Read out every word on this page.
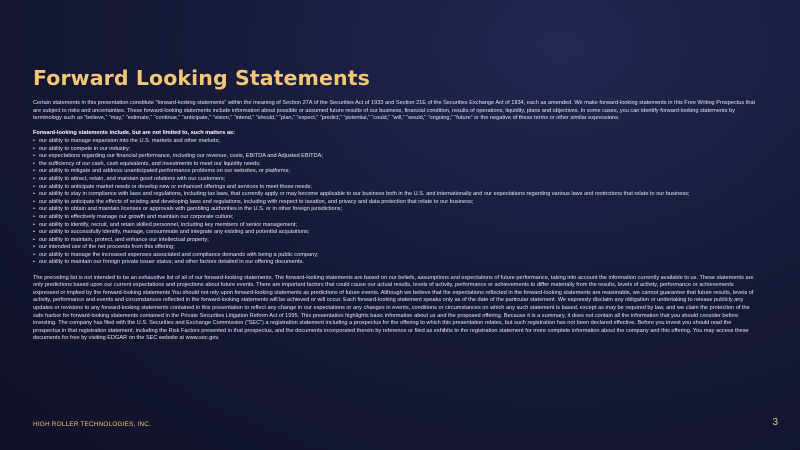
Forward Looking Statements

Certain statements in this presentation constitute “forward-looking statements” within the meaning of Section 27A of the Securities Act of 1933 and Section 21E of the Securities Exchange Act of 1934, each as amended. We make forward-looking statements in this Free Writing Prospectus that are subject to risks and uncertainties. These forward-looking statements include information about possible or assumed future results of our business, financial condition, results of operations, liquidity, plans and objectives. In some cases, you can identify forward-looking statements by terminology such as “believe,” “may,” “estimate,” “continue,” “anticipate,” “vision,” “intend,” “should,” “plan,” “expect,” “predict,” “potential,” “could,” “will,” “would,” “ongoing,” “future” or the negative of these terms or other similar expressions.

Forward-looking statements include, but are not limited to, such matters as:

• our ability to manage expansion into the U.S. markets and other markets;
• our ability to compete in our industry;
• our expectations regarding our financial performance, including our revenue, costs, EBITDA and Adjusted EBITDA;
• the sufficiency of our cash, cash equivalents, and investments to meet our liquidity needs;
• our ability to mitigate and address unanticipated performance problems on our websites, or platforms;
• our ability to attract, retain, and maintain good relations with our customers;
• our ability to anticipate market needs or develop new or enhanced offerings and services to meet those needs;
• our ability to stay in compliance with laws and regulations, including tax laws, that currently apply or may become applicable to our business both in the U.S. and internationally and our expectations regarding various laws and restrictions that relate to our business;
• our ability to anticipate the effects of existing and developing laws and regulations, including with respect to taxation, and privacy and data protection that relate to our business;
• our ability to obtain and maintain licenses or approvals with gambling authorities in the U.S. or in other foreign jurisdictions;
• our ability to effectively manage our growth and maintain our corporate culture;
• our ability to identify, recruit, and retain skilled personnel, including key members of senior management;
• our ability to successfully identify, manage, consummate and integrate any existing and potential acquisitions;
• our ability to maintain, protect, and enhance our intellectual property;
• our intended use of the net proceeds from this offering;
• our ability to manage the increased expenses associated and compliance demands with being a public company;
• our ability to maintain our foreign private issuer status; and other factors detailed in our offering documents.

The preceding list is not intended to be an exhaustive list of all of our forward-looking statements. The forward-looking statements are based on our beliefs, assumptions and expectations of future performance, taking into account the information currently available to us. These statements are only predictions based upon our current expectations and projections about future events. There are important factors that could cause our actual results, levels of activity, performance or achievements to differ materially from the results, levels of activity, performance or achievements expressed or implied by the forward-looking statements You should not rely upon forward-looking statements as predictions of future events. Although we believe that the expectations reflected in the forward-looking statements are reasonable, we cannot guarantee that future results, levels of activity, performance and events and circumstances reflected in the forward-looking statements will be achieved or will occur. Each forward-looking statement speaks only as of the date of the particular statement. We expressly disclaim any obligation or undertaking to release publicly any updates or revisions to any forward-looking statements contained in this presentation to reflect any change in our expectations or any changes in events, conditions or circumstances on which any such statement is based, except as may be required by law, and we claim the protection of the safe harbor for forward-looking statements contained in the Private Securities Litigation Reform Act of 1995. This presentation highlights basic information about us and the proposed offering. Because it is a summary, it does not contain all the information that you should consider before investing. The company has filed with the U.S. Securities and Exchange Commission (“SEC”) a registration statement including a prospectus for the offering to which this presentation relates, but such registration has not been declared effective. Before you invest you should read the prospectus in that registration statement, including the Risk Factors presented in that prospectus, and the documents incorporated therein by reference or filed as exhibits to the registration statement for more complete information about the company and this offering. You may access these documents for free by visiting EDGAR on the SEC website at www.sec.gov.

HIGH ROLLER TECHNOLOGIES, INC.	3
